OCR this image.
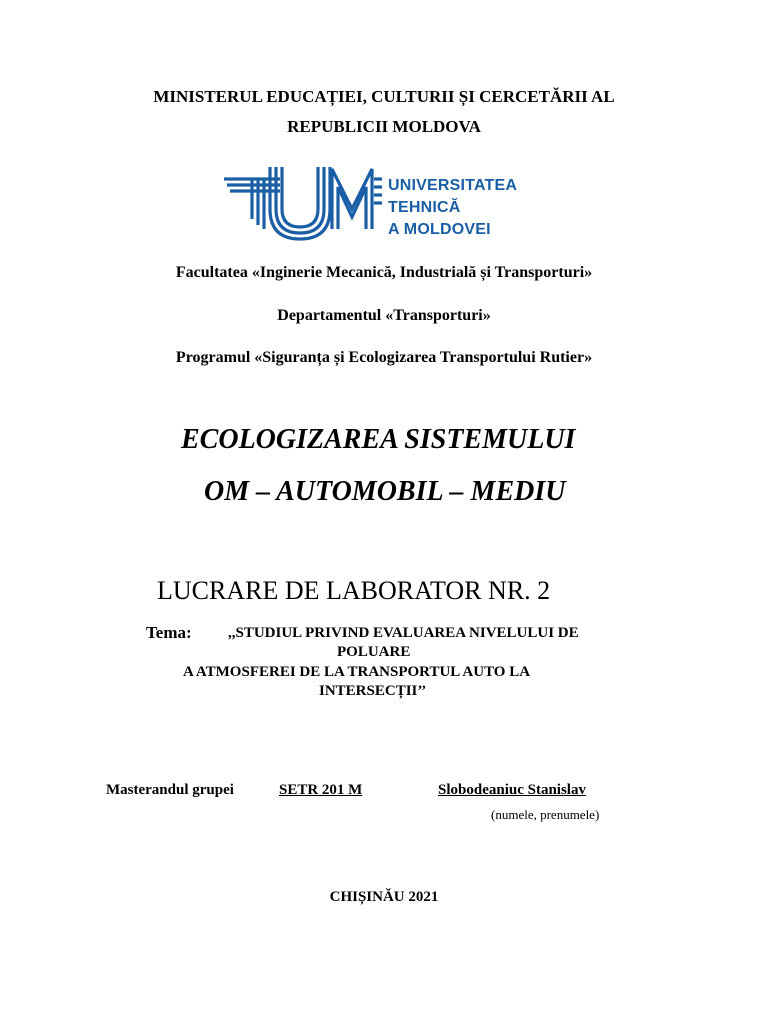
MINISTERUL EDUCAȚIEI, CULTURII ȘI CERCETĂRII AL
REPUBLICII MOLDOVA
UNIVERSITATEA TEHNICĂ
A MOLDOVEI
Facultatea «Inginerie Mecanică, Industrială și Transporturi»
Departamentul «Transporturi»
Programul «Siguranța și Ecologizarea Transportului Rutier»
ECOLOGIZAREA SISTEMULUI
OM – AUTOMOBIL – MEDIU
LUCRARE DE LABORATOR NR. 2
Tema: ,,STUDIUL PRIVIND EVALUAREA NIVELULUI DE
POLUARE
A ATMOSFEREI DE LA TRANSPORTUL AUTO LA
INTERSECȚII’’
Masterandul grupei	SETR 201 M	Slobodeaniuc Stanislav
(numele, prenumele)
CHIȘINĂU 2021
